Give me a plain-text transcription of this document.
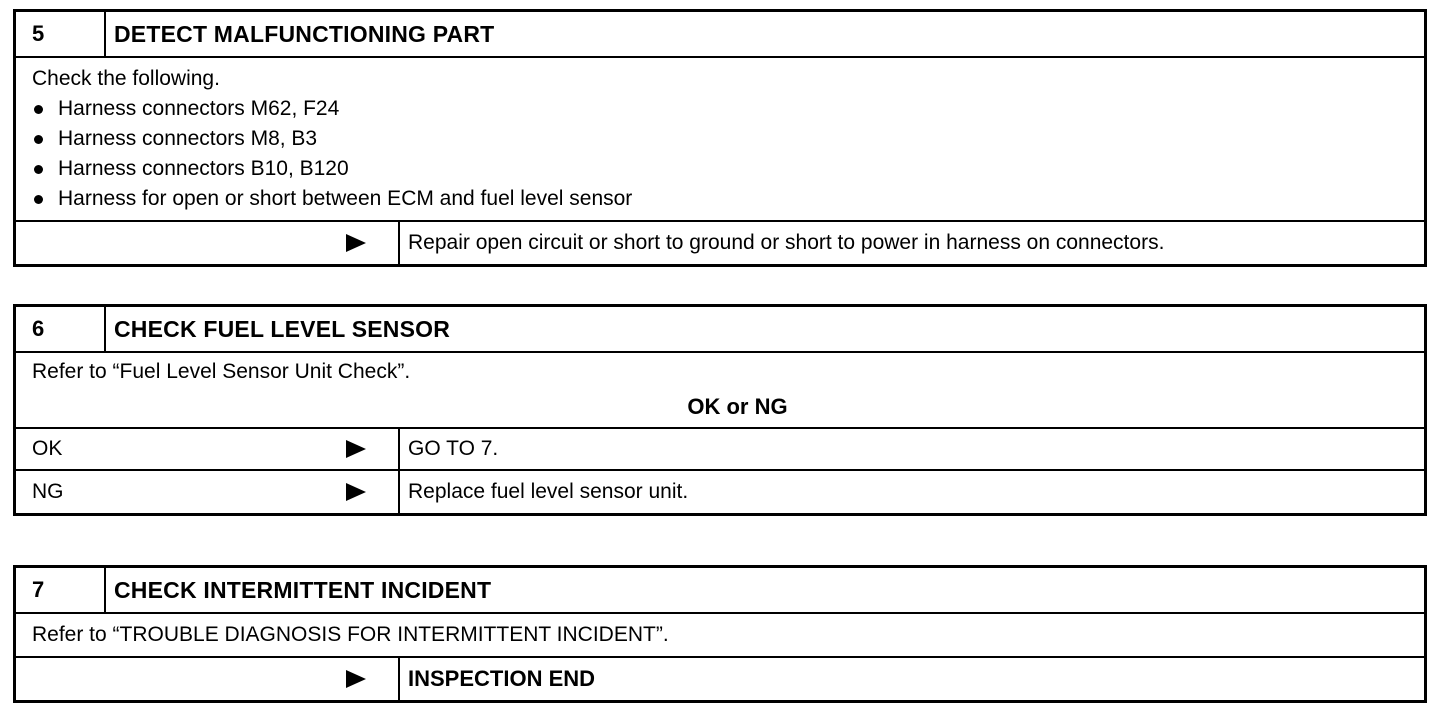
5	DETECT MALFUNCTIONING PART
Check the following.
Harness connectors M62, F24
Harness connectors M8, B3
Harness connectors B10, B120
Harness for open or short between ECM and fuel level sensor
Repair open circuit or short to ground or short to power in harness on connectors.
6	CHECK FUEL LEVEL SENSOR
Refer to “Fuel Level Sensor Unit Check”.
OK or NG
OK	GO TO 7.
NG	Replace fuel level sensor unit.
7	CHECK INTERMITTENT INCIDENT
Refer to “TROUBLE DIAGNOSIS FOR INTERMITTENT INCIDENT”.
INSPECTION END
